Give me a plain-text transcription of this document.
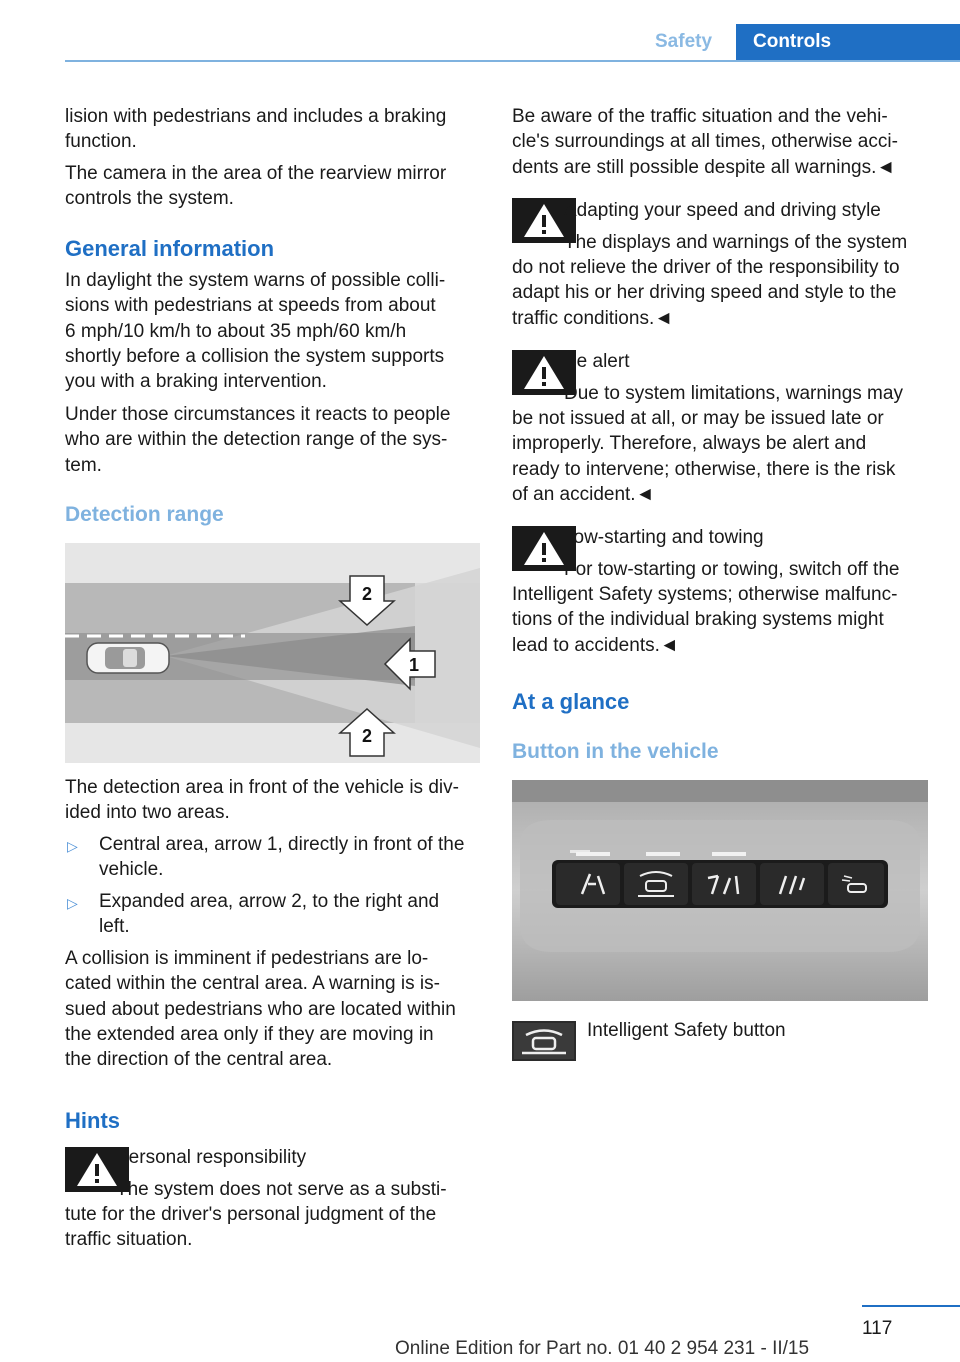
Safety Controls
lision with pedestrians and includes a braking
function.
The camera in the area of the rearview mirror
controls the system.
General information
In daylight the system warns of possible colli-
sions with pedestrians at speeds from about
6 mph/10 km/h to about 35 mph/60 km/h
shortly before a collision the system supports
you with a braking intervention.
Under those circumstances it reacts to people
who are within the detection range of the sys-
tem.
Detection range
2
1
2
The detection area in front of the vehicle is div-
ided into two areas.
▷ Central area, arrow 1, directly in front of the
vehicle.
▷ Expanded area, arrow 2, to the right and
left.
A collision is imminent if pedestrians are lo-
cated within the central area. A warning is is-
sued about pedestrians who are located within
the extended area only if they are moving in
the direction of the central area.
Hints
Personal responsibility
The system does not serve as a substi-
tute for the driver's personal judgment of the
traffic situation.
Be aware of the traffic situation and the vehi-
cle's surroundings at all times, otherwise acci-
dents are still possible despite all warnings.◄
Adapting your speed and driving style
The displays and warnings of the system
do not relieve the driver of the responsibility to
adapt his or her driving speed and style to the
traffic conditions.◄
Be alert
Due to system limitations, warnings may
be not issued at all, or may be issued late or
improperly. Therefore, always be alert and
ready to intervene; otherwise, there is the risk
of an accident.◄
Tow-starting and towing
For tow-starting or towing, switch off the
Intelligent Safety systems; otherwise malfunc-
tions of the individual braking systems might
lead to accidents.◄
At a glance
Button in the vehicle
Intelligent Safety button
117
Online Edition for Part no. 01 40 2 954 231 - II/15
